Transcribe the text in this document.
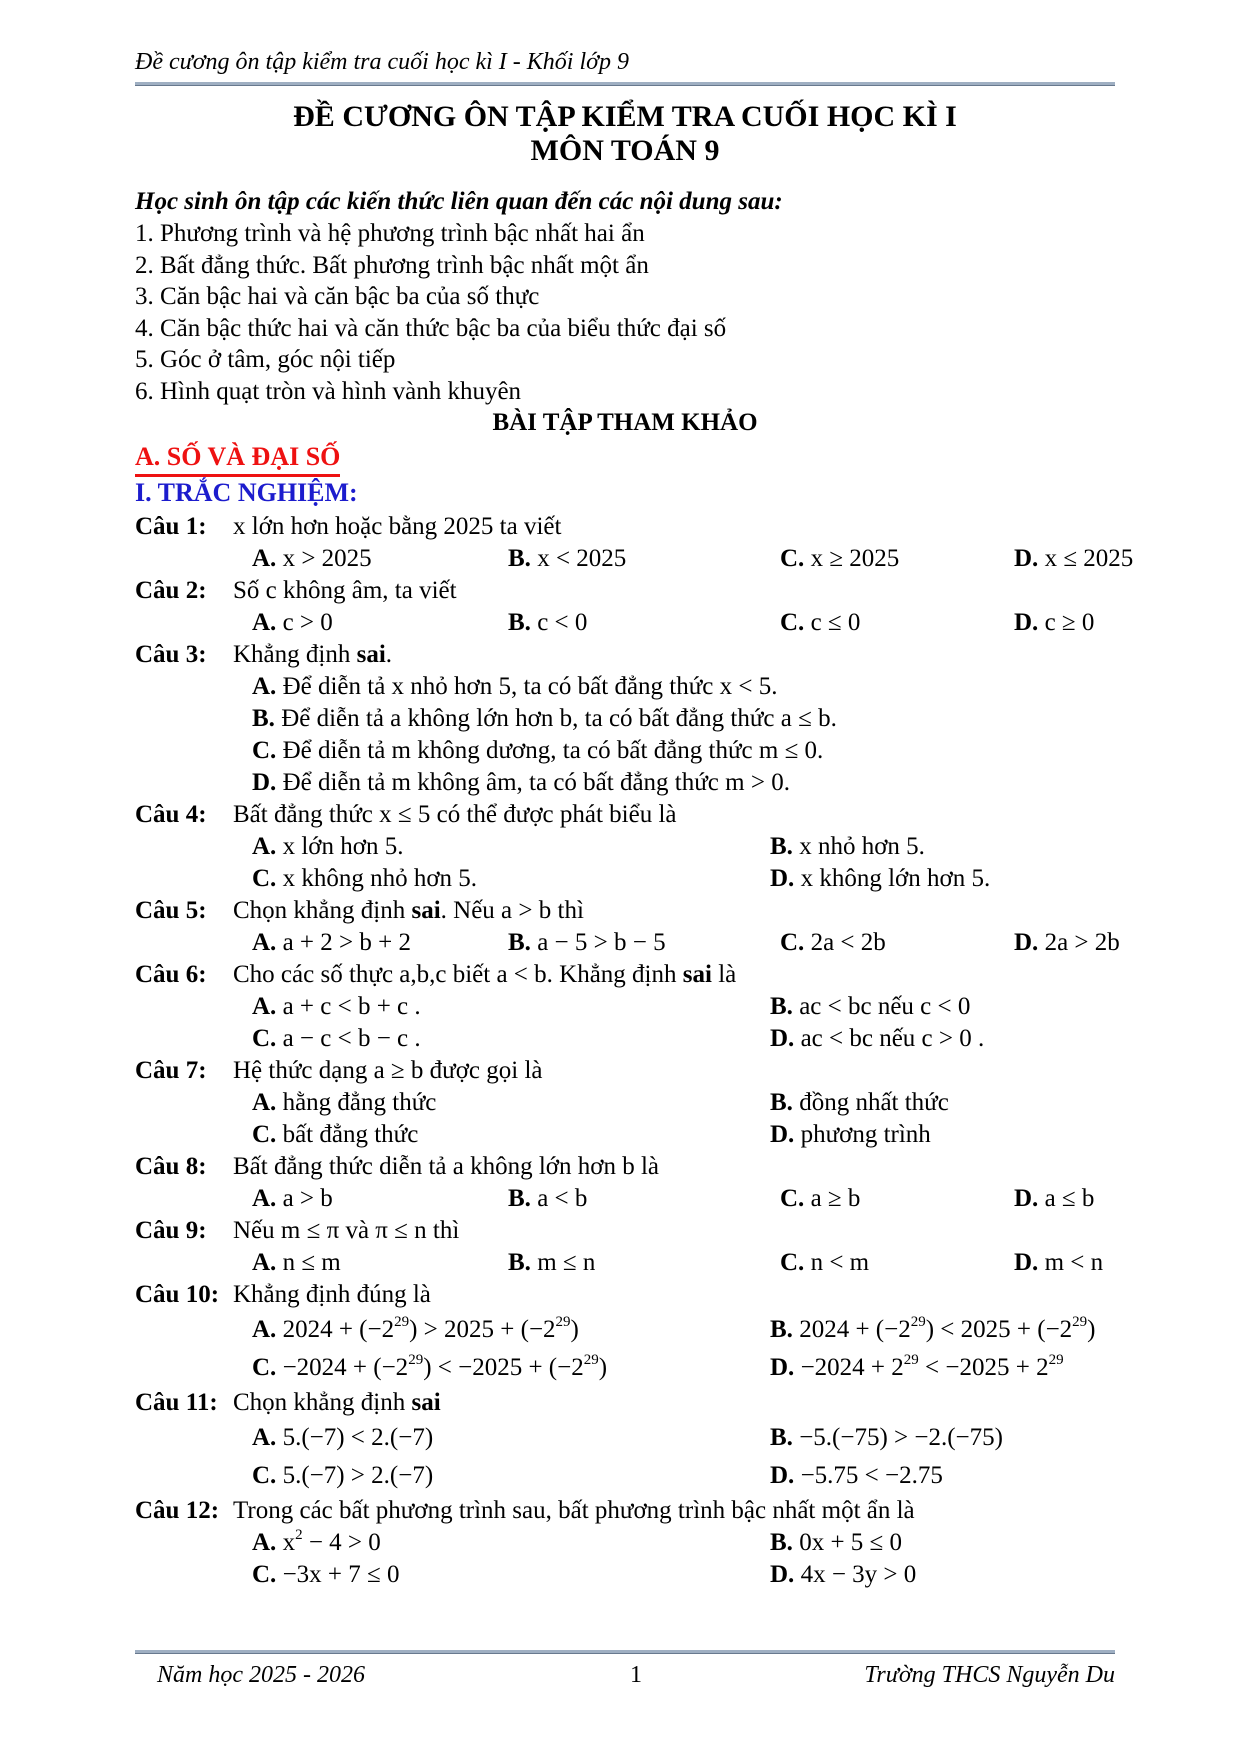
Đề cương ôn tập kiểm tra cuối học kì I - Khối lớp 9
ĐỀ CƯƠNG ÔN TẬP KIỂM TRA CUỐI HỌC KÌ I
MÔN TOÁN 9
Học sinh ôn tập các kiến thức liên quan đến các nội dung sau:
1. Phương trình và hệ phương trình bậc nhất hai ẩn
2. Bất đẳng thức. Bất phương trình bậc nhất một ẩn
3. Căn bậc hai và căn bậc ba của số thực
4. Căn bậc thức hai và căn thức bậc ba của biểu thức đại số
5. Góc ở tâm, góc nội tiếp
6. Hình quạt tròn và hình vành khuyên
BÀI TẬP THAM KHẢO
A. SỐ VÀ ĐẠI SỐ
I. TRẮC NGHIỆM:
Câu 1:	x lớn hơn hoặc bằng 2025 ta viết
A. x > 2025	B. x < 2025	C. x ≥ 2025	D. x ≤ 2025
Câu 2:	Số c không âm, ta viết
A. c > 0	B. c < 0	C. c ≤ 0	D. c ≥ 0
Câu 3:	Khẳng định sai.
A. Để diễn tả x nhỏ hơn 5, ta có bất đẳng thức x < 5.
B. Để diễn tả a không lớn hơn b, ta có bất đẳng thức a ≤ b.
C. Để diễn tả m không dương, ta có bất đẳng thức m ≤ 0.
D. Để diễn tả m không âm, ta có bất đẳng thức m > 0.
Câu 4:	Bất đẳng thức x ≤ 5 có thể được phát biểu là
A. x lớn hơn 5.	B. x nhỏ hơn 5.
C. x không nhỏ hơn 5.	D. x không lớn hơn 5.
Câu 5:	Chọn khẳng định sai. Nếu a > b thì
A. a + 2 > b + 2	B. a − 5 > b − 5	C. 2a < 2b	D. 2a > 2b
Câu 6:	Cho các số thực a,b,c biết a < b. Khẳng định sai là
A. a + c < b + c .	B. ac < bc nếu c < 0
C. a − c < b − c .	D. ac < bc nếu c > 0 .
Câu 7:	Hệ thức dạng a ≥ b được gọi là
A. hằng đẳng thức	B. đồng nhất thức
C. bất đẳng thức	D. phương trình
Câu 8:	Bất đẳng thức diễn tả a không lớn hơn b là
A. a > b	B. a < b	C. a ≥ b	D. a ≤ b
Câu 9:	Nếu m ≤ π và π ≤ n thì
A. n ≤ m	B. m ≤ n	C. n < m	D. m < n
Câu 10: Khẳng định đúng là
A. $2024 + (-2^{29}) > 2025 + (-2^{29})$	B. $2024 + (-2^{29}) < 2025 + (-2^{29})$
C. $-2024 + (-2^{29}) < -2025 + (-2^{29})$	D. $-2024 + 2^{29} < -2025 + 2^{29}$
Câu 11: Chọn khẳng định sai
A. 5.(−7) < 2.(−7)	B. −5.(−75) > −2.(−75)
C. 5.(−7) > 2.(−7)	D. −5.75 < −2.75
Câu 12: Trong các bất phương trình sau, bất phương trình bậc nhất một ẩn là
A. $x^2 - 4 > 0$	B. 0x + 5 ≤ 0
C. −3x + 7 ≤ 0	D. 4x − 3y > 0
Năm học 2025 - 2026	1	Trường THCS Nguyễn Du
